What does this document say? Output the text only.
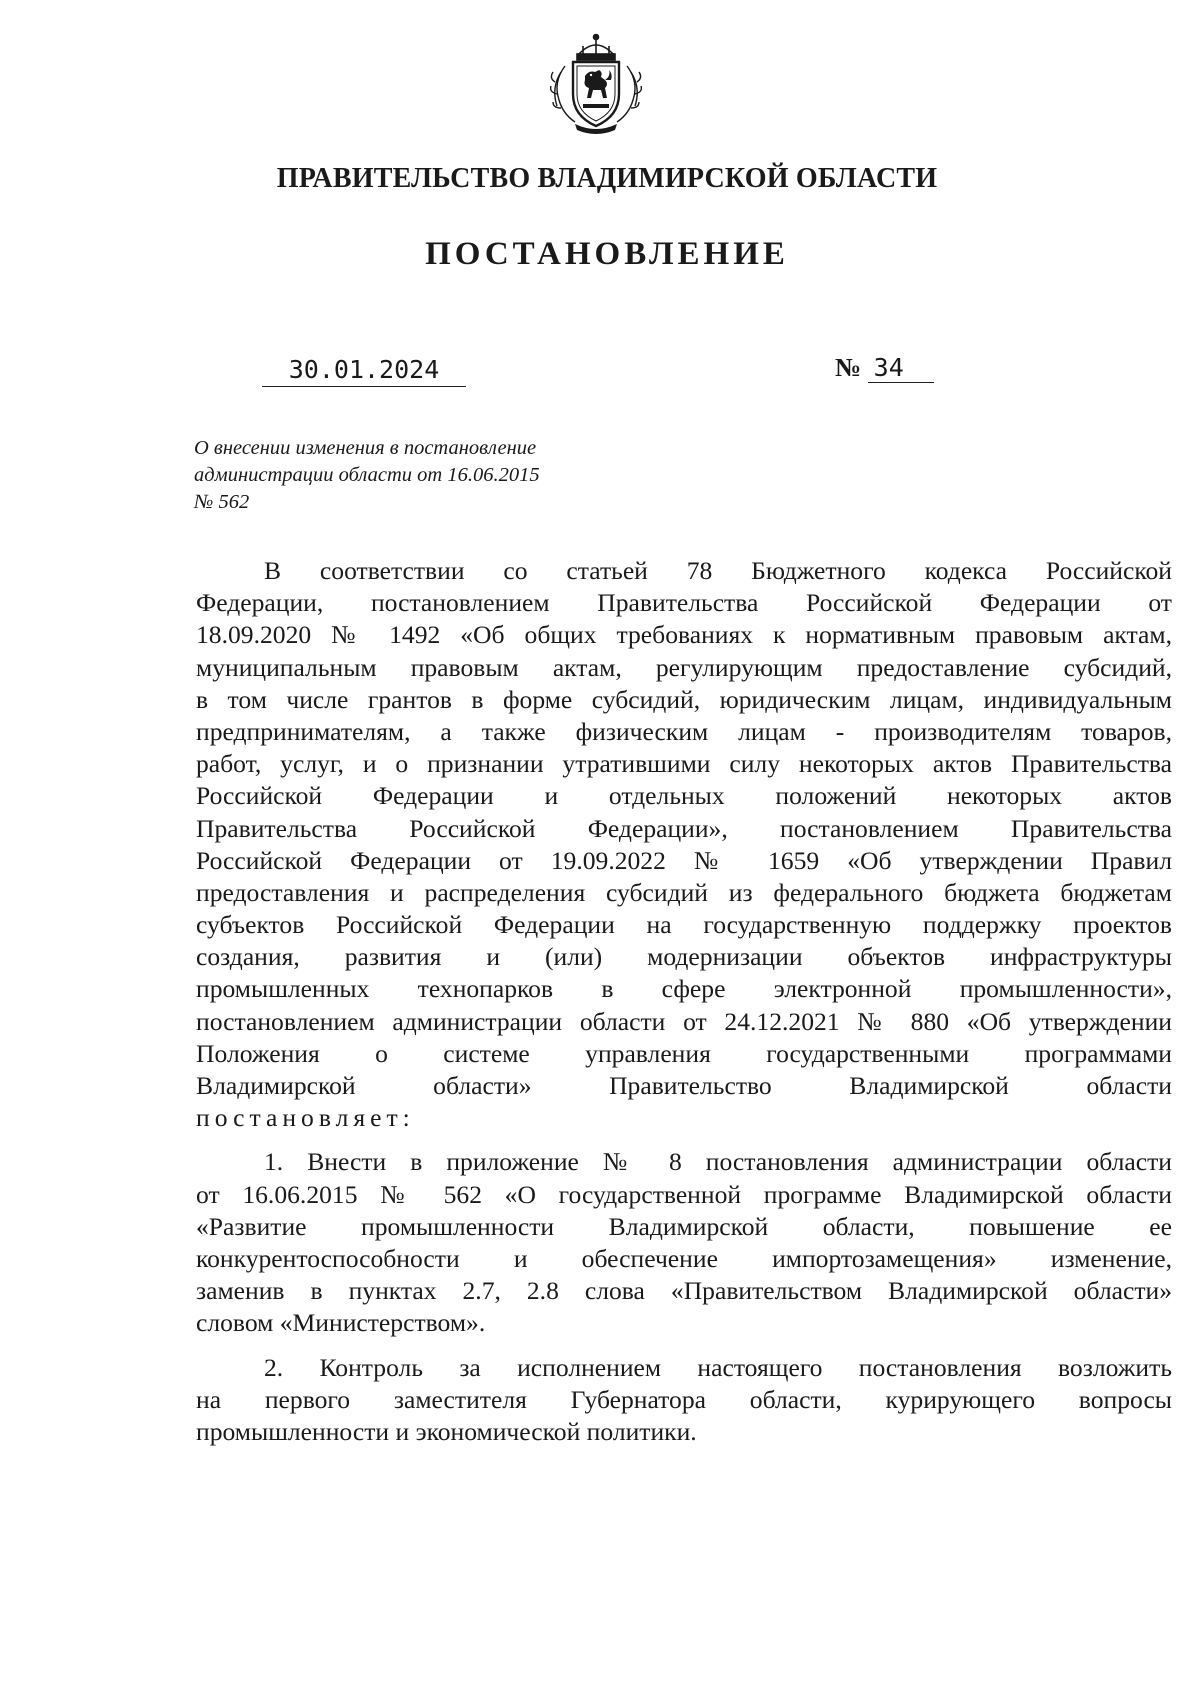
ПРАВИТЕЛЬСТВО ВЛАДИМИРСКОЙ ОБЛАСТИ
ПОСТАНОВЛЕНИЕ
30.01.2024	№ 34
О внесении изменения в постановление
администрации области от 16.06.2015
№ 562
В соответствии со статьей 78 Бюджетного кодекса Российской
Федерации, постановлением Правительства Российской Федерации от
18.09.2020 № 1492 «Об общих требованиях к нормативным правовым актам,
муниципальным правовым актам, регулирующим предоставление субсидий,
в том числе грантов в форме субсидий, юридическим лицам, индивидуальным
предпринимателям, а также физическим лицам - производителям товаров,
работ, услуг, и о признании утратившими силу некоторых актов Правительства
Российской Федерации и отдельных положений некоторых актов
Правительства Российской Федерации», постановлением Правительства
Российской Федерации от 19.09.2022 № 1659 «Об утверждении Правил
предоставления и распределения субсидий из федерального бюджета бюджетам
субъектов Российской Федерации на государственную поддержку проектов
создания, развития и (или) модернизации объектов инфраструктуры
промышленных технопарков в сфере электронной промышленности»,
постановлением администрации области от 24.12.2021 № 880 «Об утверждении
Положения о системе управления государственными программами
Владимирской области» Правительство Владимирской области
постановляет:
1. Внести в приложение № 8 постановления администрации области
от 16.06.2015 № 562 «О государственной программе Владимирской области
«Развитие промышленности Владимирской области, повышение ее
конкурентоспособности и обеспечение импортозамещения» изменение,
заменив в пунктах 2.7, 2.8 слова «Правительством Владимирской области»
словом «Министерством».
2. Контроль за исполнением настоящего постановления возложить
на первого заместителя Губернатора области, курирующего вопросы
промышленности и экономической политики.
